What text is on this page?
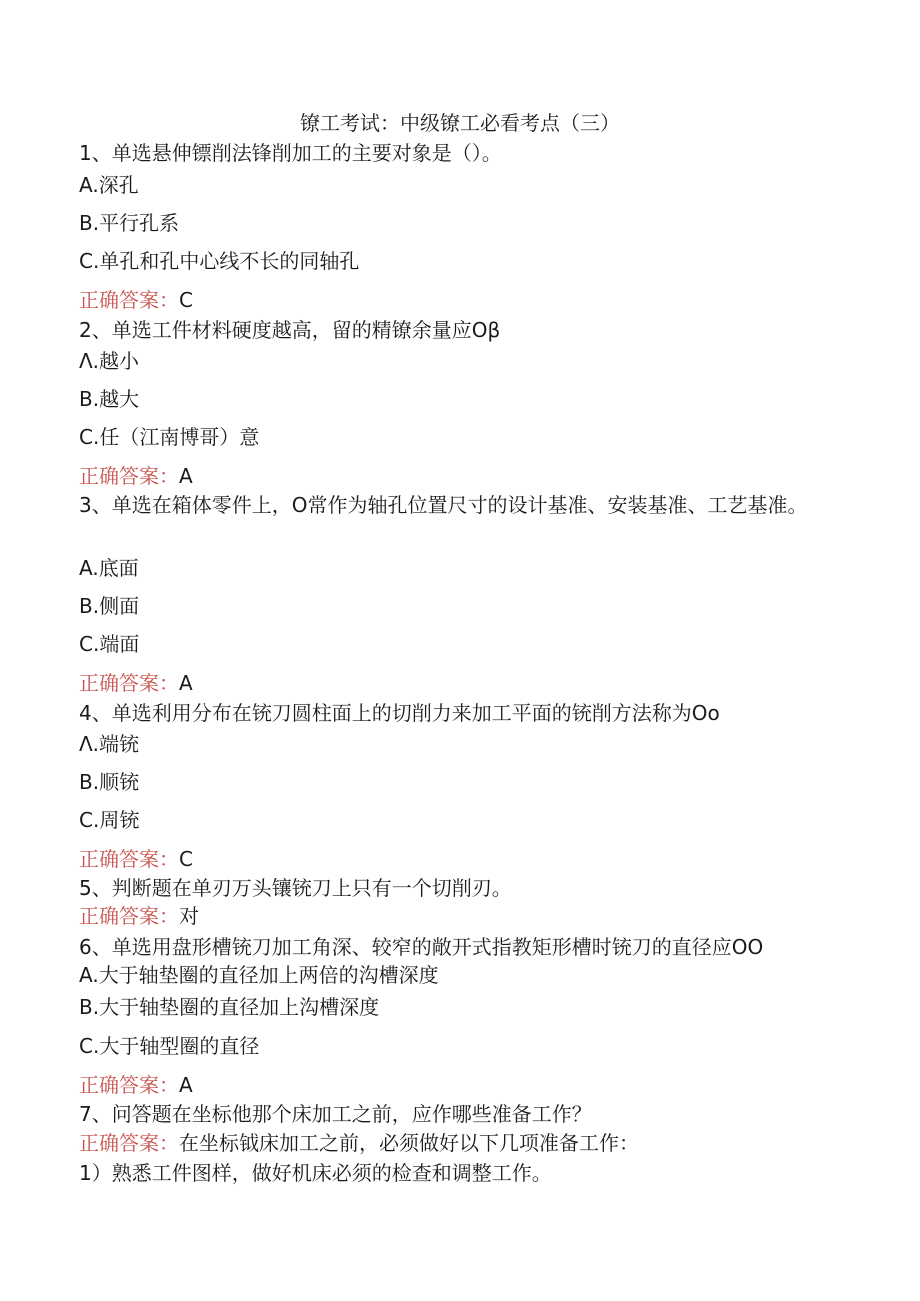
镣工考试：中级镣工必看考点（三）
1、单选悬伸镖削法锋削加工的主要对象是（）。
A.深孔
B.平行孔系
C.单孔和孔中心线不长的同轴孔
正确答案：C
2、单选工件材料硬度越高，留的精镣余量应Oβ
Λ.越小
B.越大
C.任（江南博哥）意
正确答案：A
3、单选在箱体零件上，O常作为轴孔位置尺寸的设计基准、安装基准、工艺基准。
A.底面
B.侧面
C.端面
正确答案：A
4、单选利用分布在铳刀圆柱面上的切削力来加工平面的铳削方法称为Oo
Λ.端铳
B.顺铳
C.周铳
正确答案：C
5、判断题在单刃万头镶铳刀上只有一个切削刃。
正确答案：对
6、单选用盘形槽铳刀加工角深、较窄的敞开式指教矩形槽时铳刀的直径应OO
A.大于轴垫圈的直径加上两倍的沟槽深度
B.大于轴垫圈的直径加上沟槽深度
C.大于轴型圈的直径
正确答案：A
7、问答题在坐标他那个床加工之前，应作哪些准备工作？
正确答案：在坐标钺床加工之前，必须做好以下几项准备工作：
1）熟悉工件图样，做好机床必须的检查和调整工作。
